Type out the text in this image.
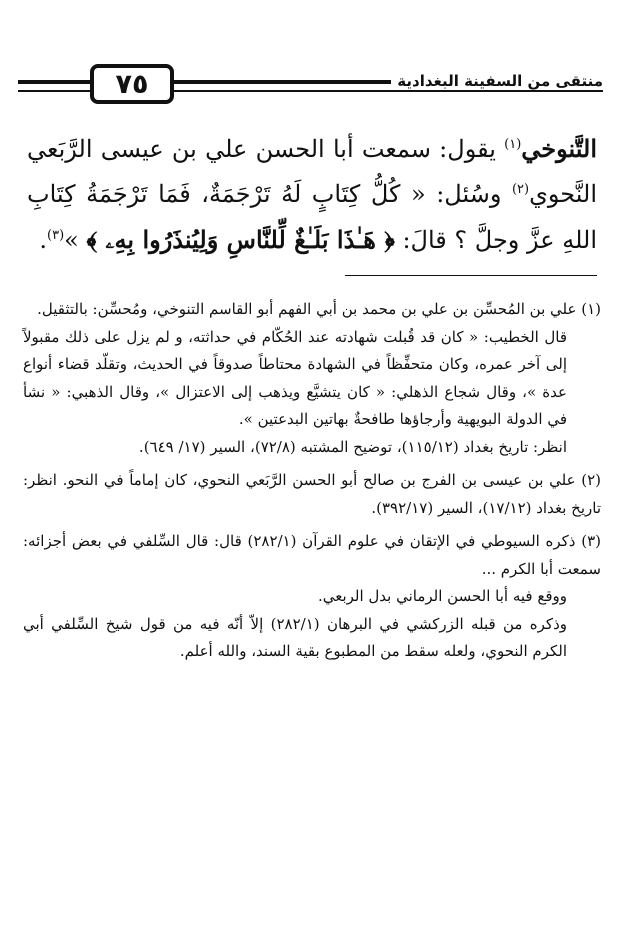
٧٥	منتقى من السفينة البغدادية
التَّنوخي$^{(١)}$ يقول: سمعت أبا الحسن علي بن عيسى الرَّبَعي النَّحوي$^{(٢)}$ وسُئل: « كُلُّ كِتَابٍ لَهُ تَرْجَمَةٌ، فَمَا تَرْجَمَةُ كِتَابِ اللهِ عزَّ وجلَّ ؟ قالَ: ﴿ هَـٰذَا بَلَـٰغٌ لِّلنَّاسِ وَلِيُنذَرُوا بِهِۦ ﴾ »$^{(٣)}$.

(١) علي بن المُحسِّن بن علي بن محمد بن أبي الفهم أبو القاسم التنوخي، ومُحسِّن: بالتثقيل.

قال الخطيب: « كان قد قُبلت شهادته عند الحُكّام في حداثته، و لم يزل على ذلك مقبولاً إلى آخر عمره، وكان متحفِّظاً في الشهادة محتاطاً صدوقاً في الحديث، وتقلّد قضاء أنواع عدة »، وقال شجاع الذهلي: « كان يتشيَّع ويذهب إلى الاعتزال »، وقال الذهبي: « نشأ في الدولة البويهية وأرجاؤها طافحةٌ بهاتين البدعتين ».

انظر: تاريخ بغداد (١١٥/١٢)، توضيح المشتبه (٧٢/٨)، السير (١٧/ ٦٤٩).

(٢) علي بن عيسى بن الفرج بن صالح أبو الحسن الرَّبَعي النحوي، كان إماماً في النحو. انظر: تاريخ بغداد (١٧/١٢)، السير (٣٩٢/١٧).

(٣) ذكره السيوطي في الإتقان في علوم القرآن (٢٨٢/١) قال: قال السِّلفي في بعض أجزائه: سمعت أبا الكرم ...

ووقع فيه أبا الحسن الرماني بدل الربعي.

وذكره من قبله الزركشي في البرهان (٢٨٢/١) إلاّ أنّه فيه من قول شيخ السِّلفي أبي الكرم النحوي، ولعله سقط من المطبوع بقية السند، والله أعلم.
